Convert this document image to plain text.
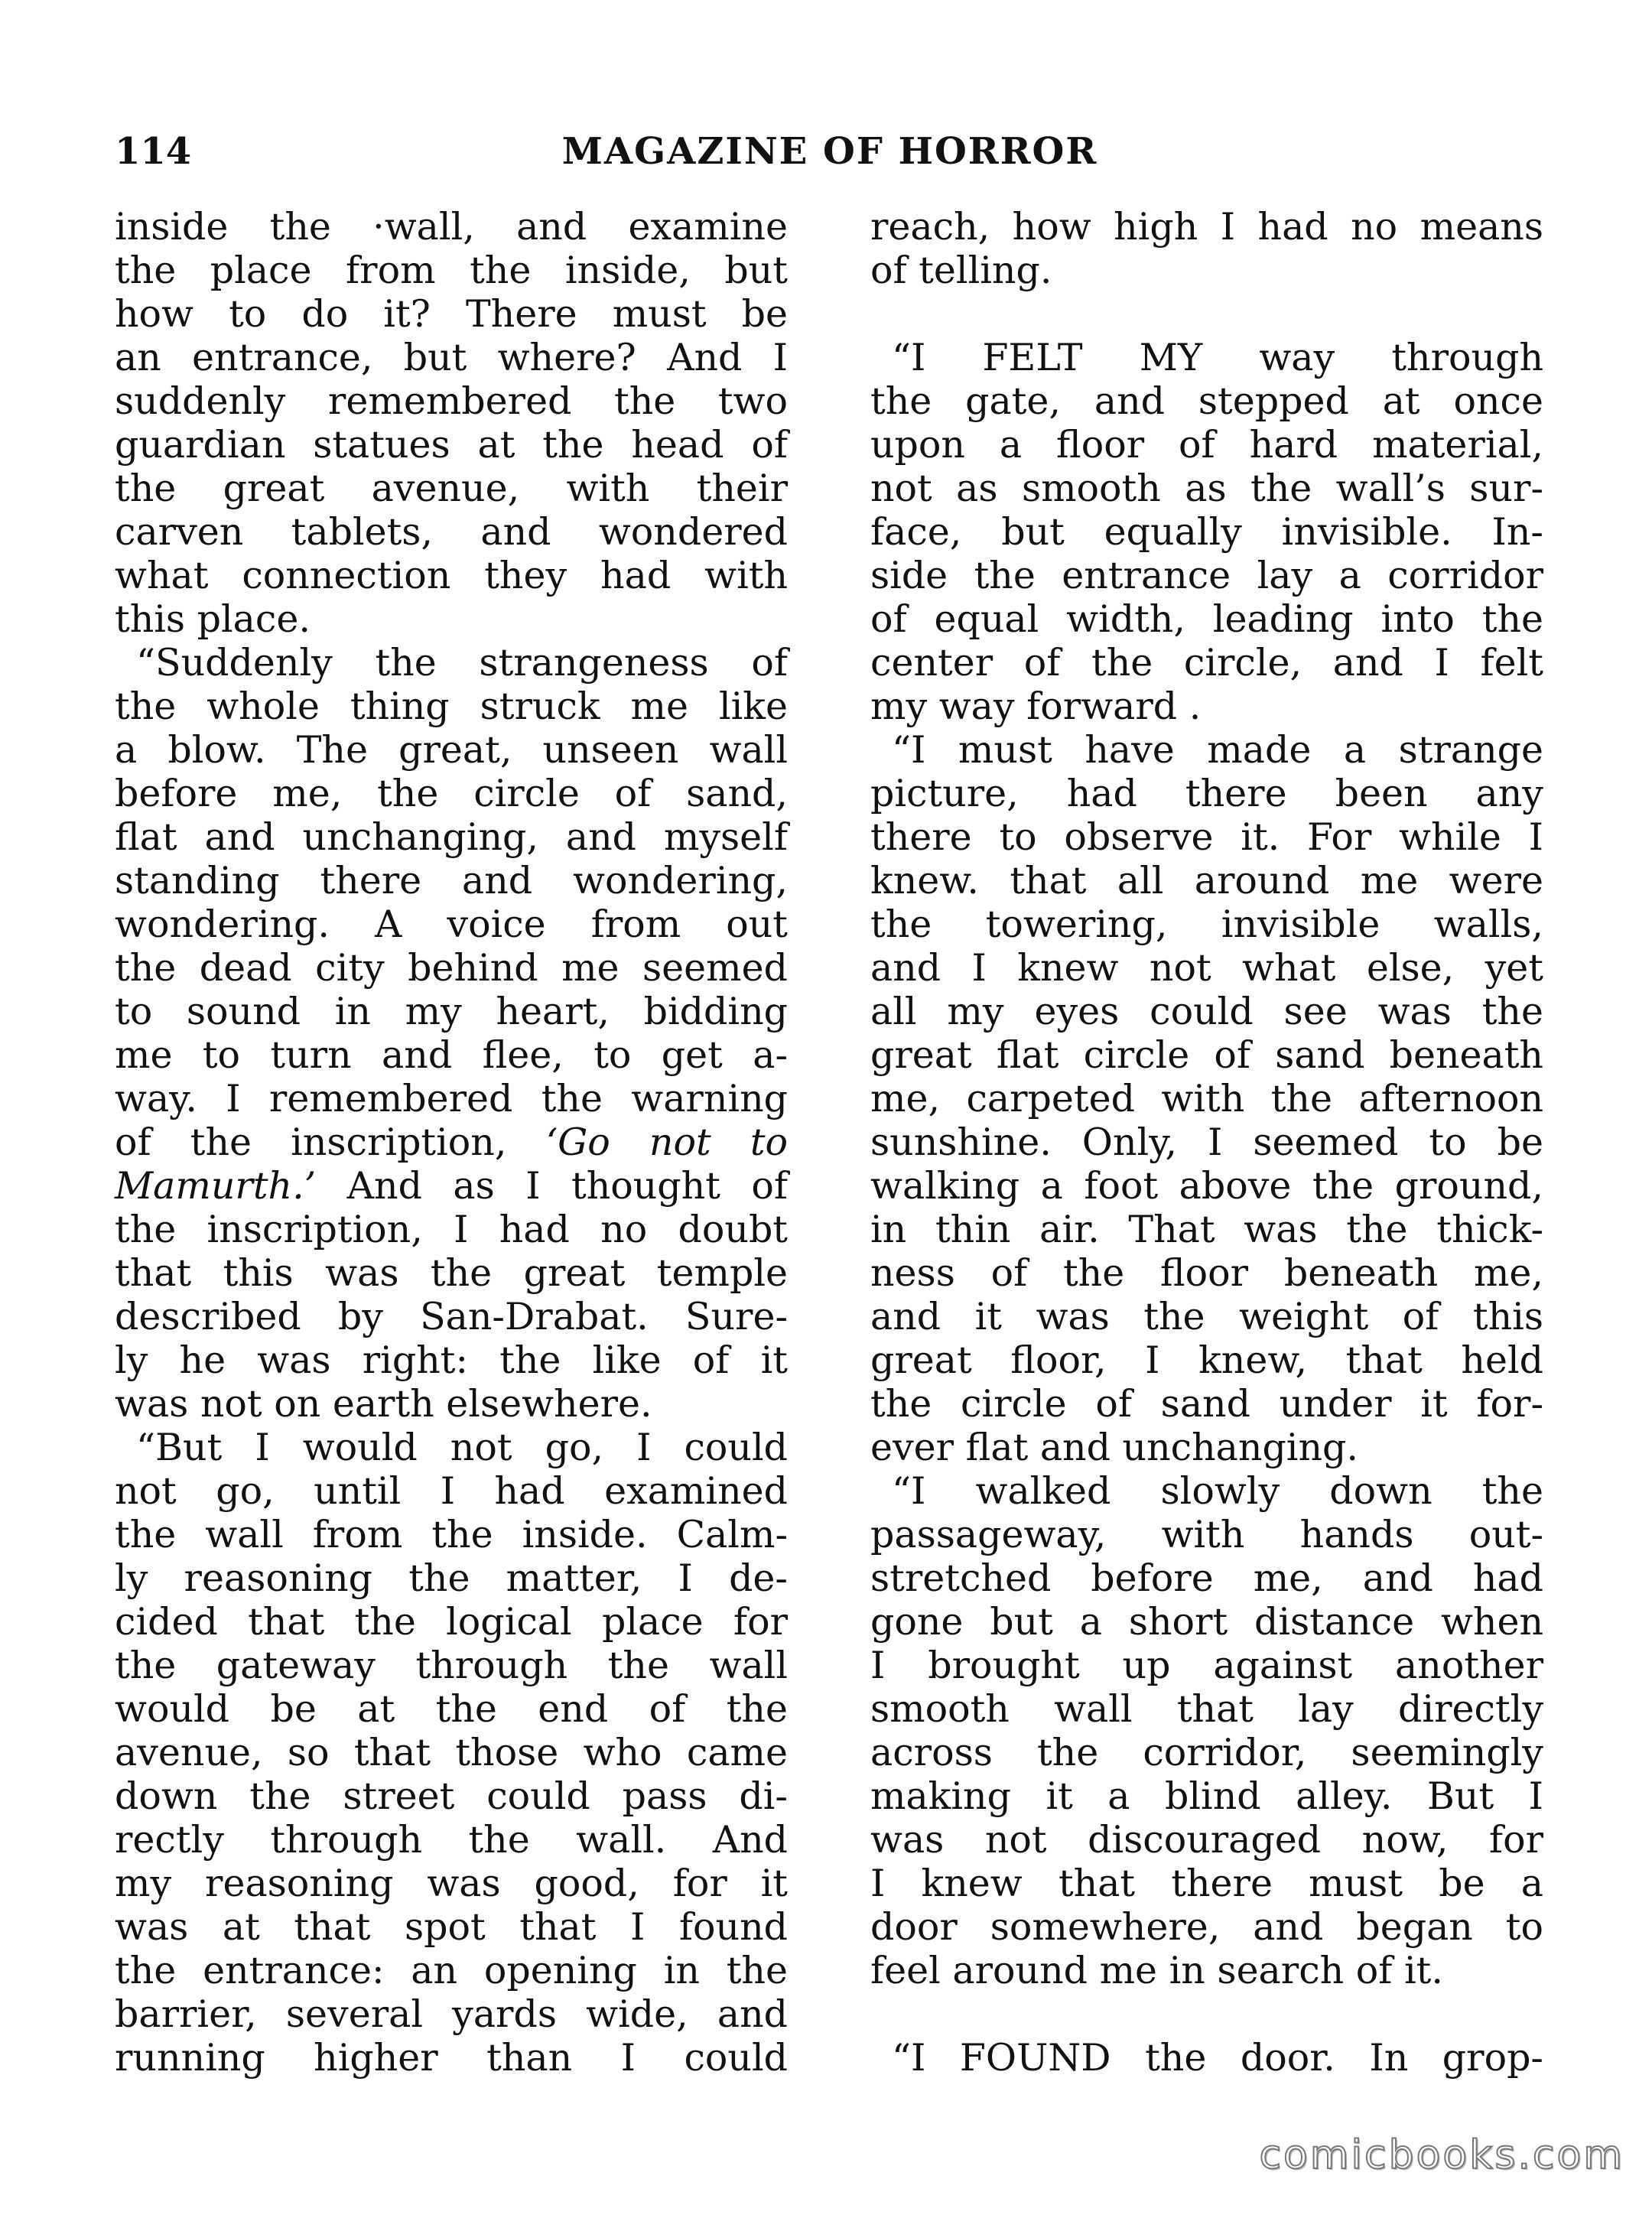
114	MAGAZINE OF HORROR
inside the ·wall, and examine
the place from the inside, but
how to do it? There must be
an entrance, but where? And I
suddenly remembered the two
guardian statues at the head of
the great avenue, with their
carven tablets, and wondered
what connection they had with
this place.
“Suddenly the strangeness of
the whole thing struck me like
a blow. The great, unseen wall
before me, the circle of sand,
flat and unchanging, and myself
standing there and wondering,
wondering. A voice from out
the dead city behind me seemed
to sound in my heart, bidding
me to turn and flee, to get a-
way. I remembered the warning
of the inscription, ‘Go not to
Mamurth.’ And as I thought of
the inscription, I had no doubt
that this was the great temple
described by San-Drabat. Sure-
ly he was right: the like of it
was not on earth elsewhere.
“But I would not go, I could
not go, until I had examined
the wall from the inside. Calm-
ly reasoning the matter, I de-
cided that the logical place for
the gateway through the wall
would be at the end of the
avenue, so that those who came
down the street could pass di-
rectly through the wall. And
my reasoning was good, for it
was at that spot that I found
the entrance: an opening in the
barrier, several yards wide, and
running higher than I could
reach, how high I had no means
of telling.
“I FELT MY way through
the gate, and stepped at once
upon a floor of hard material,
not as smooth as the wall’s sur-
face, but equally invisible. In-
side the entrance lay a corridor
of equal width, leading into the
center of the circle, and I felt
my way forward .
“I must have made a strange
picture, had there been any
there to observe it. For while I
knew. that all around me were
the towering, invisible walls,
and I knew not what else, yet
all my eyes could see was the
great flat circle of sand beneath
me, carpeted with the afternoon
sunshine. Only, I seemed to be
walking a foot above the ground,
in thin air. That was the thick-
ness of the floor beneath me,
and it was the weight of this
great floor, I knew, that held
the circle of sand under it for-
ever flat and unchanging.
“I walked slowly down the
passageway, with hands out-
stretched before me, and had
gone but a short distance when
I brought up against another
smooth wall that lay directly
across the corridor, seemingly
making it a blind alley. But I
was not discouraged now, for
I knew that there must be a
door somewhere, and began to
feel around me in search of it.
“I FOUND the door. In grop-
comicbooks.com
